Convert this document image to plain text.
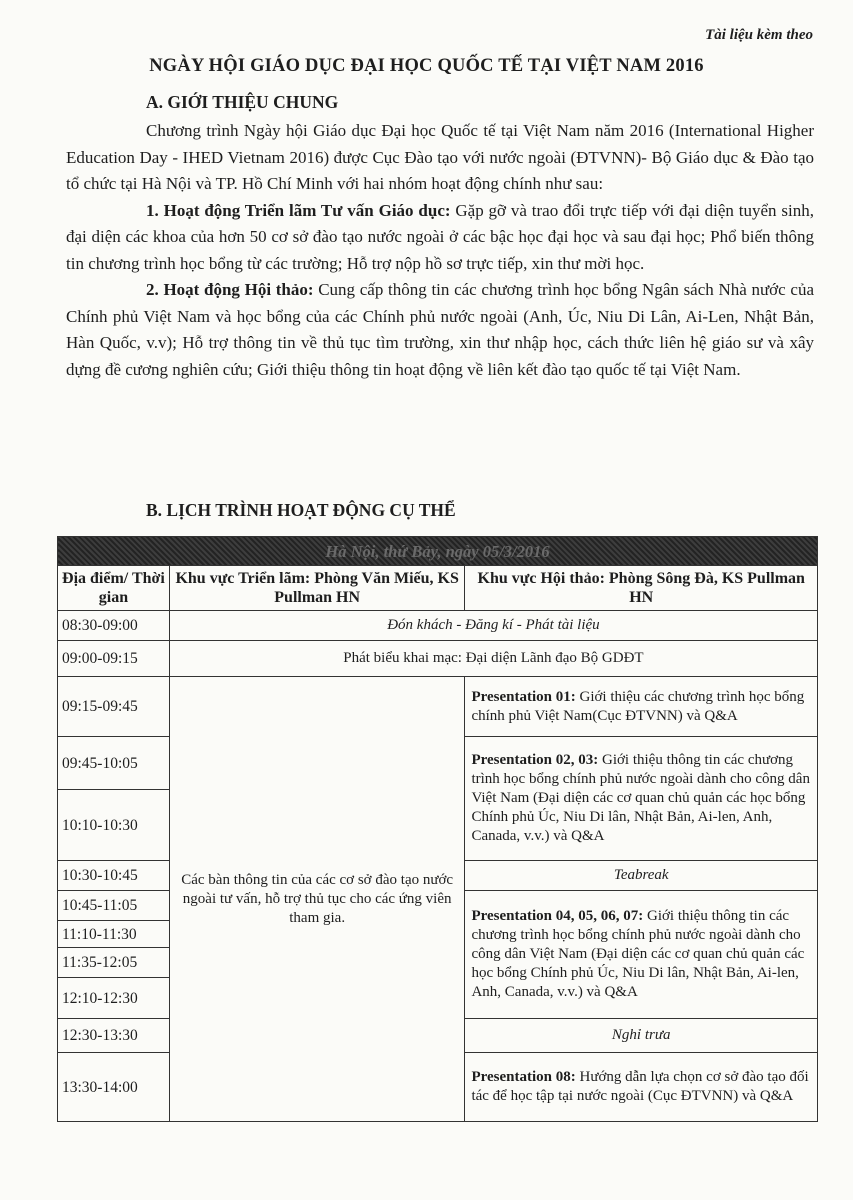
Tài liệu kèm theo
NGÀY HỘI GIÁO DỤC ĐẠI HỌC QUỐC TẾ TẠI VIỆT NAM 2016
A. GIỚI THIỆU CHUNG

Chương trình Ngày hội Giáo dục Đại học Quốc tế tại Việt Nam năm 2016 (International Higher Education Day - IHED Vietnam 2016) được Cục Đào tạo với nước ngoài (ĐTVNN)- Bộ Giáo dục & Đào tạo tổ chức tại Hà Nội và TP. Hồ Chí Minh với hai nhóm hoạt động chính như sau:

1. Hoạt động Triển lãm Tư vấn Giáo dục: Gặp gỡ và trao đổi trực tiếp với đại diện tuyển sinh, đại diện các khoa của hơn 50 cơ sở đào tạo nước ngoài ở các bậc học đại học và sau đại học; Phổ biến thông tin chương trình học bổng từ các trường; Hỗ trợ nộp hồ sơ trực tiếp, xin thư mời học.

2. Hoạt động Hội thảo: Cung cấp thông tin các chương trình học bổng Ngân sách Nhà nước của Chính phủ Việt Nam và học bổng của các Chính phủ nước ngoài (Anh, Úc, Niu Di Lân, Ai-Len, Nhật Bản, Hàn Quốc, v.v); Hỗ trợ thông tin về thủ tục tìm trường, xin thư nhập học, cách thức liên hệ giáo sư và xây dựng đề cương nghiên cứu; Giới thiệu thông tin hoạt động về liên kết đào tạo quốc tế tại Việt Nam.

B. LỊCH TRÌNH HOẠT ĐỘNG CỤ THỂ
Hà Nội, thứ Bảy, ngày 05/3/2016		
Địa điểm/ Thời gian	Khu vực Triển lãm: Phòng Văn Miếu, KS Pullman HN	Khu vực Hội thảo: Phòng Sông Đà, KS Pullman HN
08:30-09:00	Đón khách - Đăng kí - Phát tài liệu	
09:00-09:15	Phát biểu khai mạc: Đại diện Lãnh đạo Bộ GDĐT	
09:15-09:45	Các bàn thông tin của các cơ sở đào tạo nước ngoài tư vấn, hỗ trợ thủ tục cho các ứng viên tham gia.	Presentation 01: Giới thiệu các chương trình học bổng chính phủ Việt Nam(Cục ĐTVNN) và Q&A
09:45-10:05		Presentation 02, 03: Giới thiệu thông tin các chương trình học bổng chính phủ nước ngoài dành cho công dân Việt Nam (Đại diện các cơ quan chủ quản các học bổng Chính phủ Úc, Niu Di lân, Nhật Bản, Ai-len, Anh, Canada, v.v.) và Q&A
10:10-10:30		
10:30-10:45		Teabreak
10:45-11:05		Presentation 04, 05, 06, 07: Giới thiệu thông tin các chương trình học bổng chính phủ nước ngoài dành cho công dân Việt Nam (Đại diện các cơ quan chủ quản các học bổng Chính phủ Úc, Niu Di lân, Nhật Bản, Ai-len, Anh, Canada, v.v.) và Q&A
11:10-11:30		
11:35-12:05		
12:10-12:30		
12:30-13:30		Nghỉ trưa
13:30-14:00		Presentation 08: Hướng dẫn lựa chọn cơ sở đào tạo đối tác để học tập tại nước ngoài (Cục ĐTVNN) và Q&A
